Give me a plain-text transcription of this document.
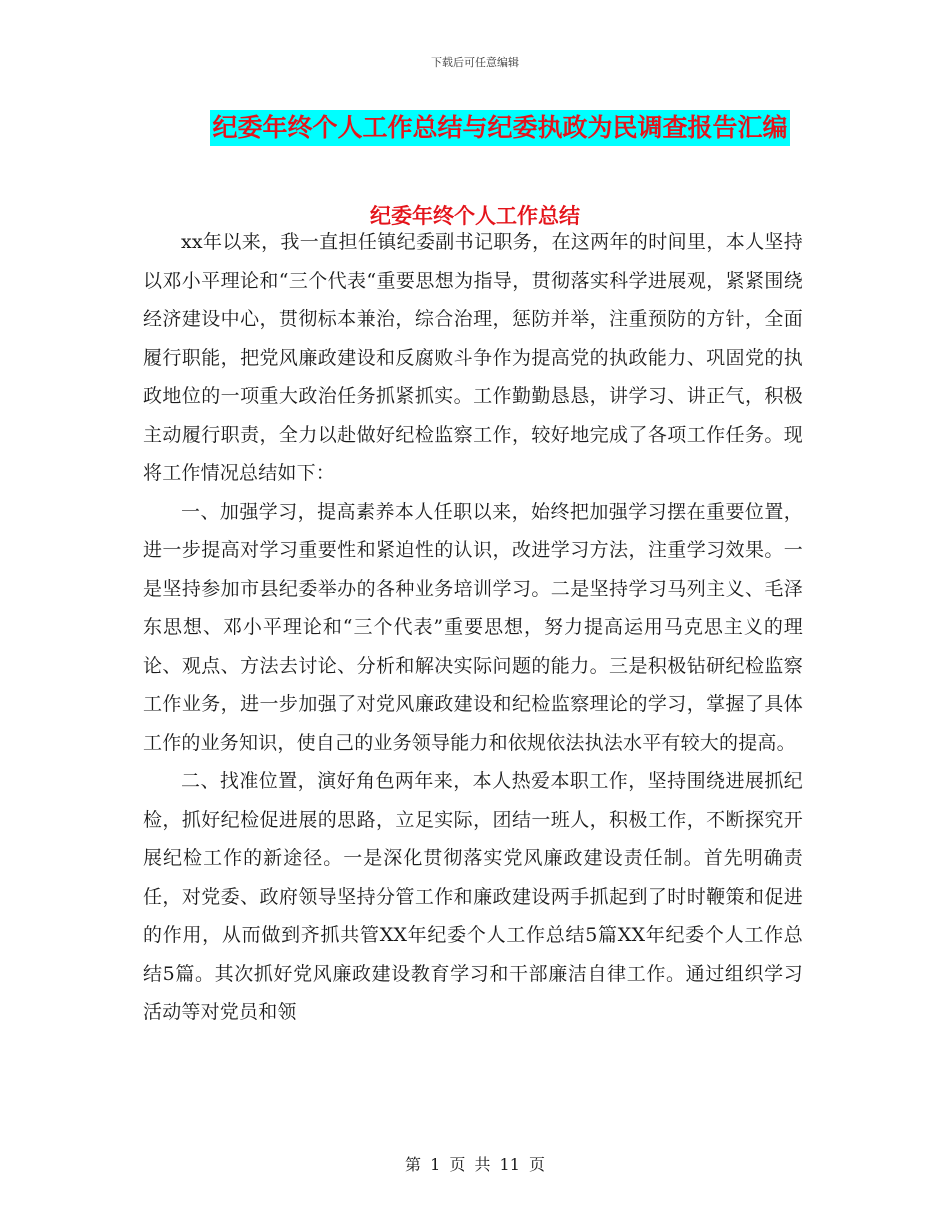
下载后可任意编辑
纪委年终个人工作总结与纪委执政为民调查报告汇编
纪委年终个人工作总结

xx年以来，我一直担任镇纪委副书记职务，在这两年的时间里，本人坚持以邓小平理论和“三个代表“重要思想为指导，贯彻落实科学进展观，紧紧围绕经济建设中心，贯彻标本兼治，综合治理，惩防并举，注重预防的方针，全面履行职能，把党风廉政建设和反腐败斗争作为提高党的执政能力、巩固党的执政地位的一项重大政治任务抓紧抓实。工作勤勤恳恳，讲学习、讲正气，积极主动履行职责，全力以赴做好纪检监察工作，较好地完成了各项工作任务。现将工作情况总结如下：

一、加强学习，提高素养本人任职以来，始终把加强学习摆在重要位置，进一步提高对学习重要性和紧迫性的认识，改进学习方法，注重学习效果。一是坚持参加市县纪委举办的各种业务培训学习。二是坚持学习马列主义、毛泽东思想、邓小平理论和“三个代表”重要思想，努力提高运用马克思主义的理论、观点、方法去讨论、分析和解决实际问题的能力。三是积极钻研纪检监察工作业务，进一步加强了对党风廉政建设和纪检监察理论的学习，掌握了具体工作的业务知识，使自己的业务领导能力和依规依法执法水平有较大的提高。

二、找准位置，演好角色两年来，本人热爱本职工作，坚持围绕进展抓纪检，抓好纪检促进展的思路，立足实际，团结一班人，积极工作，不断探究开展纪检工作的新途径。一是深化贯彻落实党风廉政建设责任制。首先明确责任，对党委、政府领导坚持分管工作和廉政建设两手抓起到了时时鞭策和促进的作用，从而做到齐抓共管XX年纪委个人工作总结5篇XX年纪委个人工作总结5篇。其次抓好党风廉政建设教育学习和干部廉洁自律工作。通过组织学习活动等对党员和领

第 1 页 共 11 页
